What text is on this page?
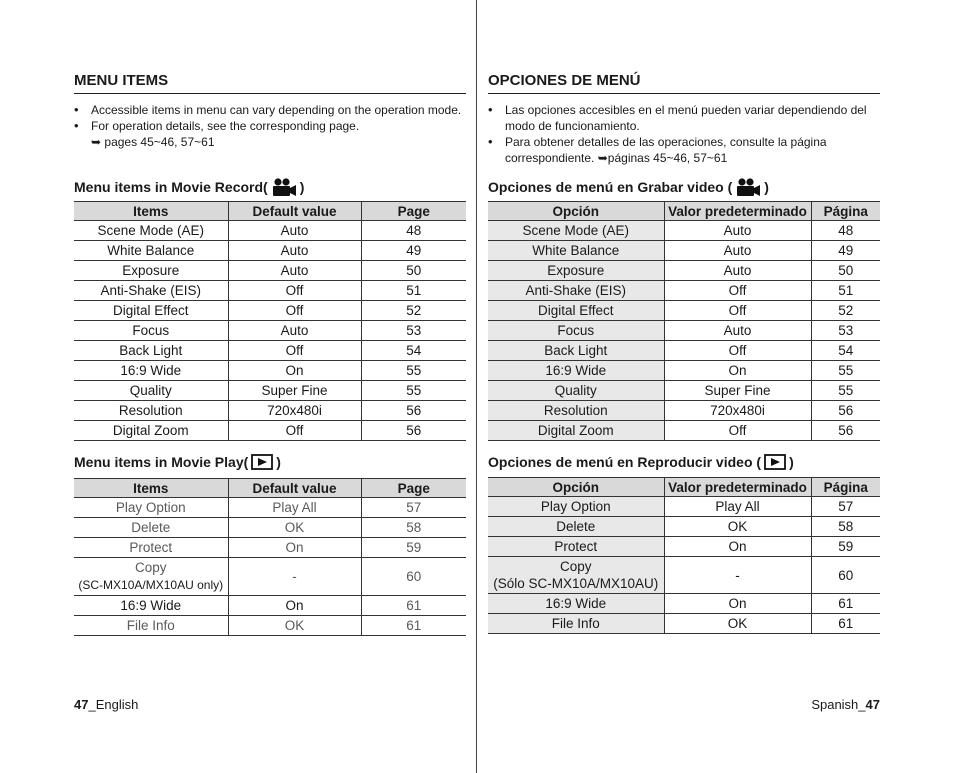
MENU ITEMS
• Accessible items in menu can vary depending on the operation mode.
• For operation details, see the corresponding page.
➥ pages 45~46, 57~61
Menu items in Movie Record( )
Items	Default value	Page
Scene Mode (AE)	Auto	48
White Balance	Auto	49
Exposure	Auto	50
Anti-Shake (EIS)	Off	51
Digital Effect	Off	52
Focus	Auto	53
Back Light	Off	54
16:9 Wide	On	55
Quality	Super Fine	55
Resolution	720x480i	56
Digital Zoom	Off	56
Menu items in Movie Play( )
Items	Default value	Page
Play Option	Play All	57
Delete	OK	58
Protect	On	59
Copy
(SC-MX10A/MX10AU only)	-	60
16:9 Wide	On	61
File Info	OK	61
47_English
OPCIONES DE MENÚ
• Las opciones accesibles en el menú pueden variar dependiendo del modo de funcionamiento.
• Para obtener detalles de las operaciones, consulte la página correspondiente. ➥páginas 45~46, 57~61
Opciones de menú en Grabar video ( )
Opción	Valor predeterminado	Página
Scene Mode (AE)	Auto	48
White Balance	Auto	49
Exposure	Auto	50
Anti-Shake (EIS)	Off	51
Digital Effect	Off	52
Focus	Auto	53
Back Light	Off	54
16:9 Wide	On	55
Quality	Super Fine	55
Resolution	720x480i	56
Digital Zoom	Off	56
Opciones de menú en Reproducir video ( )
Opción	Valor predeterminado	Página
Play Option	Play All	57
Delete	OK	58
Protect	On	59
Copy
(Sólo SC-MX10A/MX10AU)	-	60
16:9 Wide	On	61
File Info	OK	61
Spanish_47
